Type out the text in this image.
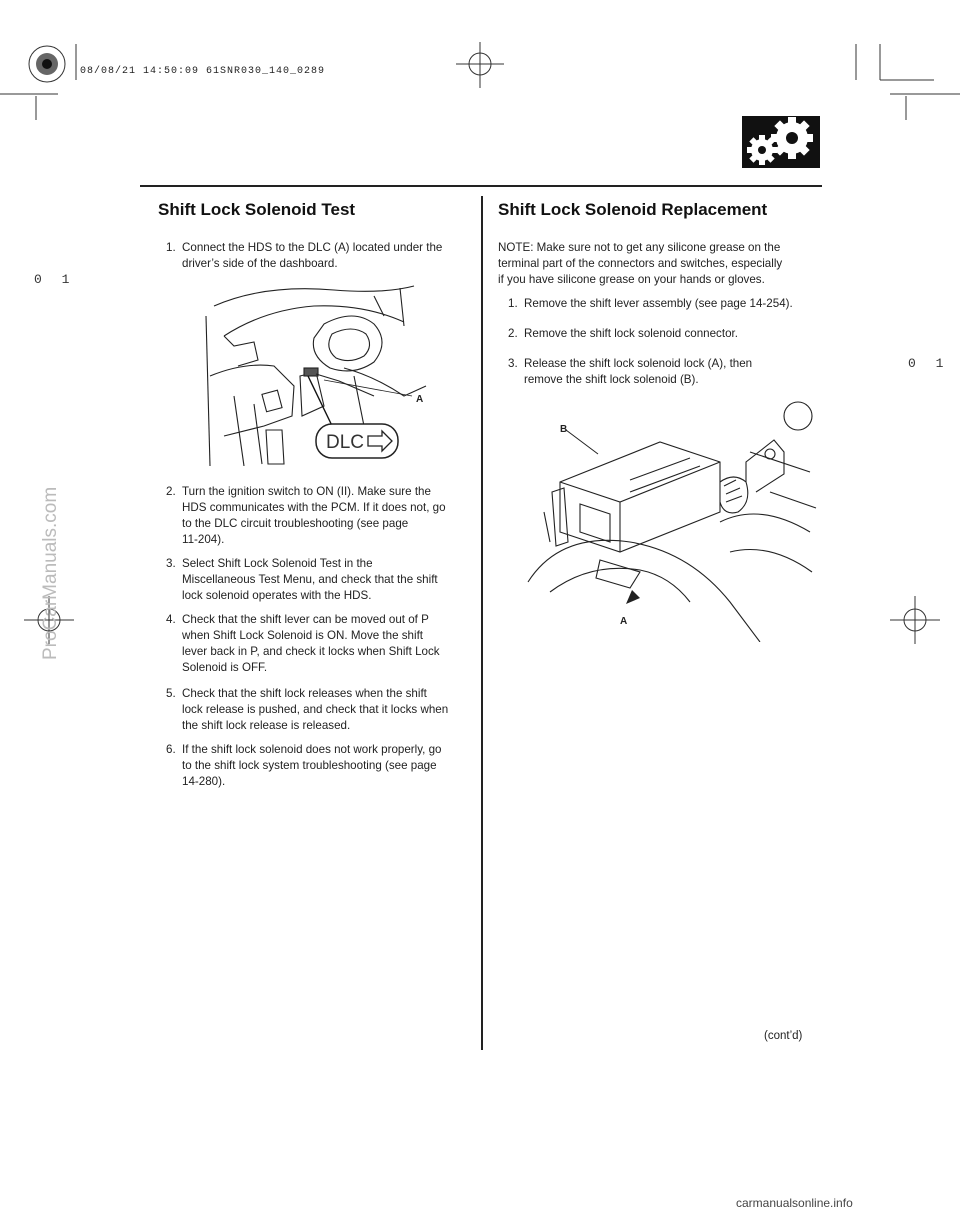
08/08/21 14:50:09 61SNR030_140_0289
0 1
0 1
Shift Lock Solenoid Test	Shift Lock Solenoid Replacement
1. Connect the HDS to the DLC (A) located under the
driver’s side of the dashboard.
DLC
A
2. Turn the ignition switch to ON (II). Make sure the
HDS communicates with the PCM. If it does not, go
to the DLC circuit troubleshooting (see page
11-204).
3. Select Shift Lock Solenoid Test in the
Miscellaneous Test Menu, and check that the shift
lock solenoid operates with the HDS.
4. Check that the shift lever can be moved out of P
when Shift Lock Solenoid is ON. Move the shift
lever back in P, and check it locks when Shift Lock
Solenoid is OFF.
5. Check that the shift lock releases when the shift
lock release is pushed, and check that it locks when
the shift lock release is released.
6. If the shift lock solenoid does not work properly, go
to the shift lock system troubleshooting (see page
14-280).
NOTE: Make sure not to get any silicone grease on the
terminal part of the connectors and switches, especially
if you have silicone grease on your hands or gloves.
1. Remove the shift lever assembly (see page 14-254).
2. Remove the shift lock solenoid connector.
3. Release the shift lock solenoid lock (A), then
remove the shift lock solenoid (B).
B
A
(cont’d)
ProCarManuals.com
carmanualsonline.info
